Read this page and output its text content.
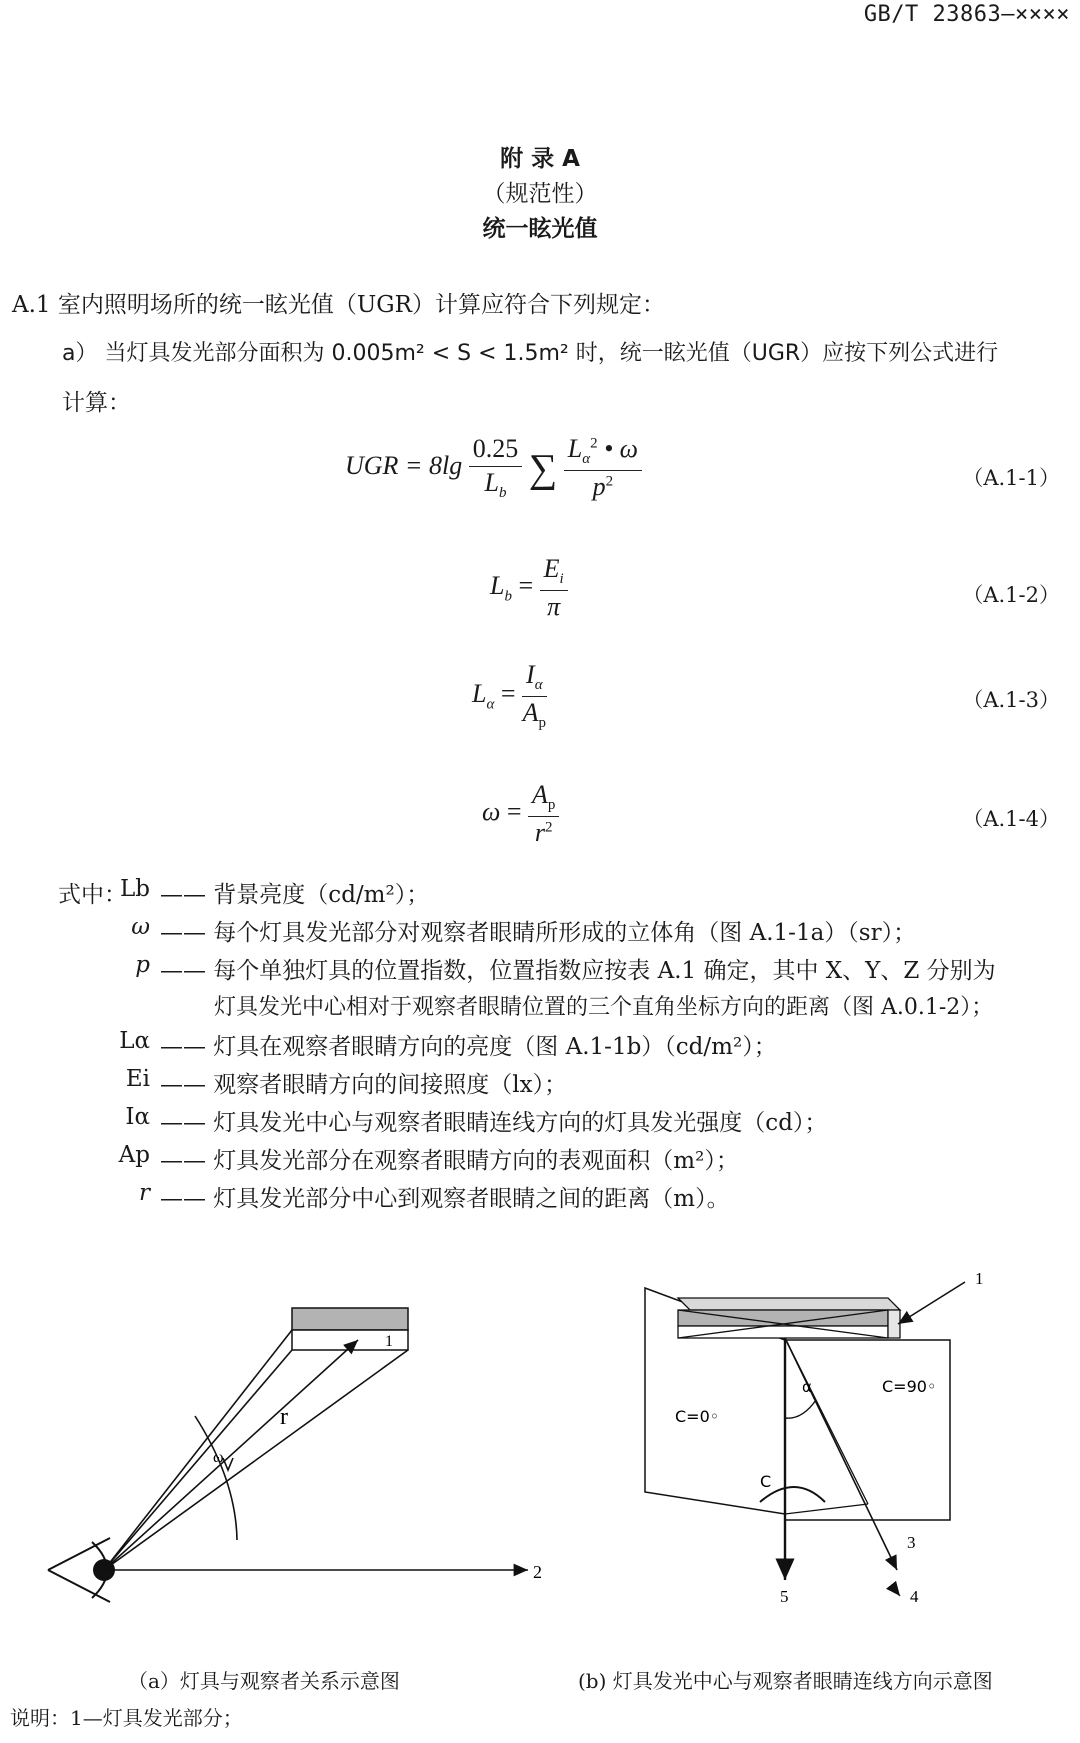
GB/T 23863—××××
附 录 A
（规范性）
统一眩光值
A.1 室内照明场所的统一眩光值（UGR）计算应符合下列规定：
a） 当灯具发光部分面积为 0.005m² < S < 1.5m² 时，统一眩光值（UGR）应按下列公式进行
计算：
UGR = $8\lg \frac{0.25}{L_b}$ ∑ $\frac{L_\alpha^2 • \omega}{p^2}$	（A.1-1）
$L_b = \frac{E_i}{\pi}$	（A.1-2）
$L_\alpha = \frac{I_\alpha}{A_p}$	（A.1-3）
$\omega = \frac{A_p}{r^2}$	（A.1-4）
式中：
Lb —— 背景亮度（cd/m²）；
ω —— 每个灯具发光部分对观察者眼睛所形成的立体角（图 A.1-1a）（sr）；
p —— 每个单独灯具的位置指数，位置指数应按表 A.1 确定，其中 X、Y、Z 分别为
灯具发光中心相对于观察者眼睛位置的三个直角坐标方向的距离（图 A.0.1-2）；
Lα —— 灯具在观察者眼睛方向的亮度（图 A.1-1b）（cd/m²）；
Ei —— 观察者眼睛方向的间接照度（lx）；
Iα —— 灯具发光中心与观察者眼睛连线方向的灯具发光强度（cd）；
Ap —— 灯具发光部分在观察者眼睛方向的表观面积（m²）；
r —— 灯具发光部分中心到观察者眼睛之间的距离（m）。
1
r
ω
2
1
5
3
4
α
C
C=0◦
C=90◦
（a）灯具与观察者关系示意图	(b) 灯具发光中心与观察者眼睛连线方向示意图
说明：1—灯具发光部分；
